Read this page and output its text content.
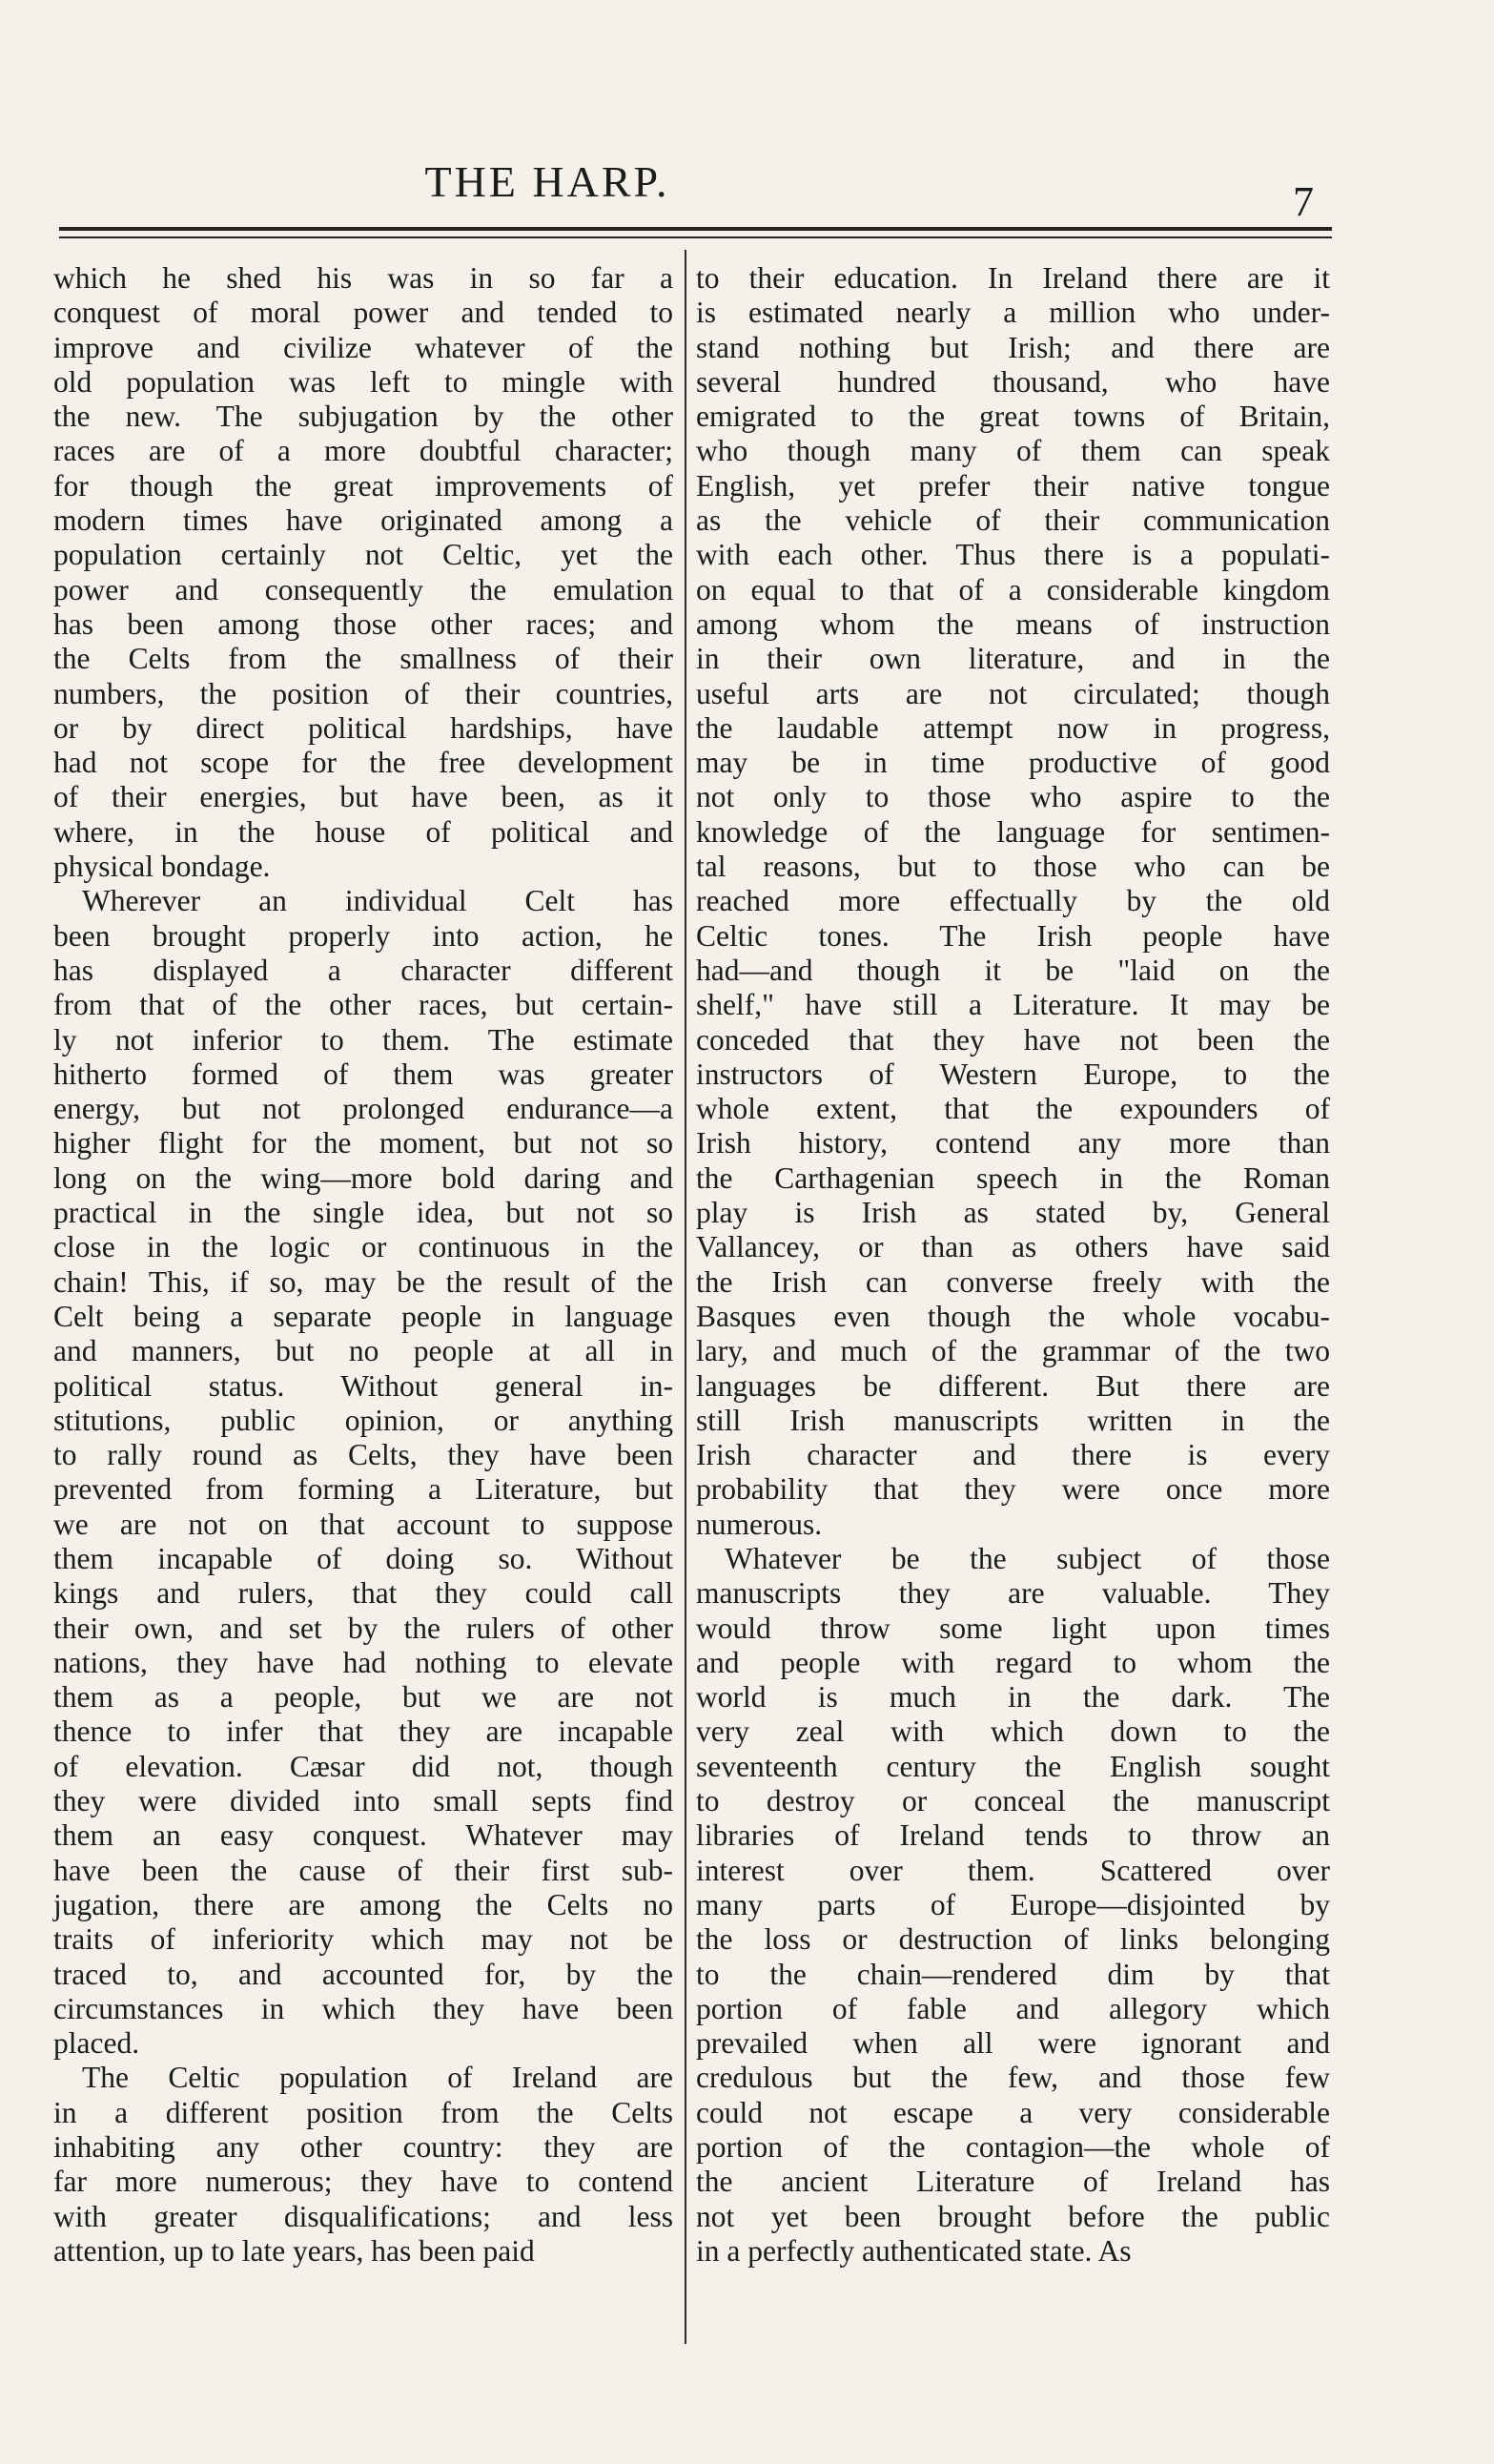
THE HARP.	7
which he shed his was in so far a
conquest of moral power and tended to
improve and civilize whatever of the
old population was left to mingle with
the new. The subjugation by the other
races are of a more doubtful character;
for though the great improvements of
modern times have originated among a
population certainly not Celtic, yet the
power and consequently the emulation
has been among those other races; and
the Celts from the smallness of their
numbers, the position of their countries,
or by direct political hardships, have
had not scope for the free development
of their energies, but have been, as it
where, in the house of political and
physical bondage.
Wherever an individual Celt has
been brought properly into action, he
has displayed a character different
from that of the other races, but certain-
ly not inferior to them. The estimate
hitherto formed of them was greater
energy, but not prolonged endurance—a
higher flight for the moment, but not so
long on the wing—more bold daring and
practical in the single idea, but not so
close in the logic or continuous in the
chain! This, if so, may be the result of the
Celt being a separate people in language
and manners, but no people at all in
political status. Without general in-
stitutions, public opinion, or anything
to rally round as Celts, they have been
prevented from forming a Literature, but
we are not on that account to suppose
them incapable of doing so. Without
kings and rulers, that they could call
their own, and set by the rulers of other
nations, they have had nothing to elevate
them as a people, but we are not
thence to infer that they are incapable
of elevation. Cæsar did not, though
they were divided into small septs find
them an easy conquest. Whatever may
have been the cause of their first sub-
jugation, there are among the Celts no
traits of inferiority which may not be
traced to, and accounted for, by the
circumstances in which they have been
placed.
The Celtic population of Ireland are
in a different position from the Celts
inhabiting any other country: they are
far more numerous; they have to contend
with greater disqualifications; and less
attention, up to late years, has been paid
to their education. In Ireland there are it
is estimated nearly a million who under-
stand nothing but Irish; and there are
several hundred thousand, who have
emigrated to the great towns of Britain,
who though many of them can speak
English, yet prefer their native tongue
as the vehicle of their communication
with each other. Thus there is a populati-
on equal to that of a considerable kingdom
among whom the means of instruction
in their own literature, and in the
useful arts are not circulated; though
the laudable attempt now in progress,
may be in time productive of good
not only to those who aspire to the
knowledge of the language for sentimen-
tal reasons, but to those who can be
reached more effectually by the old
Celtic tones. The Irish people have
had—and though it be "laid on the
shelf," have still a Literature. It may be
conceded that they have not been the
instructors of Western Europe, to the
whole extent, that the expounders of
Irish history, contend any more than
the Carthagenian speech in the Roman
play is Irish as stated by, General
Vallancey, or than as others have said
the Irish can converse freely with the
Basques even though the whole vocabu-
lary, and much of the grammar of the two
languages be different. But there are
still Irish manuscripts written in the
Irish character and there is every
probability that they were once more
numerous.
Whatever be the subject of those
manuscripts they are valuable. They
would throw some light upon times
and people with regard to whom the
world is much in the dark. The
very zeal with which down to the
seventeenth century the English sought
to destroy or conceal the manuscript
libraries of Ireland tends to throw an
interest over them. Scattered over
many parts of Europe—disjointed by
the loss or destruction of links belonging
to the chain—rendered dim by that
portion of fable and allegory which
prevailed when all were ignorant and
credulous but the few, and those few
could not escape a very considerable
portion of the contagion—the whole of
the ancient Literature of Ireland has
not yet been brought before the public
in a perfectly authenticated state. As
